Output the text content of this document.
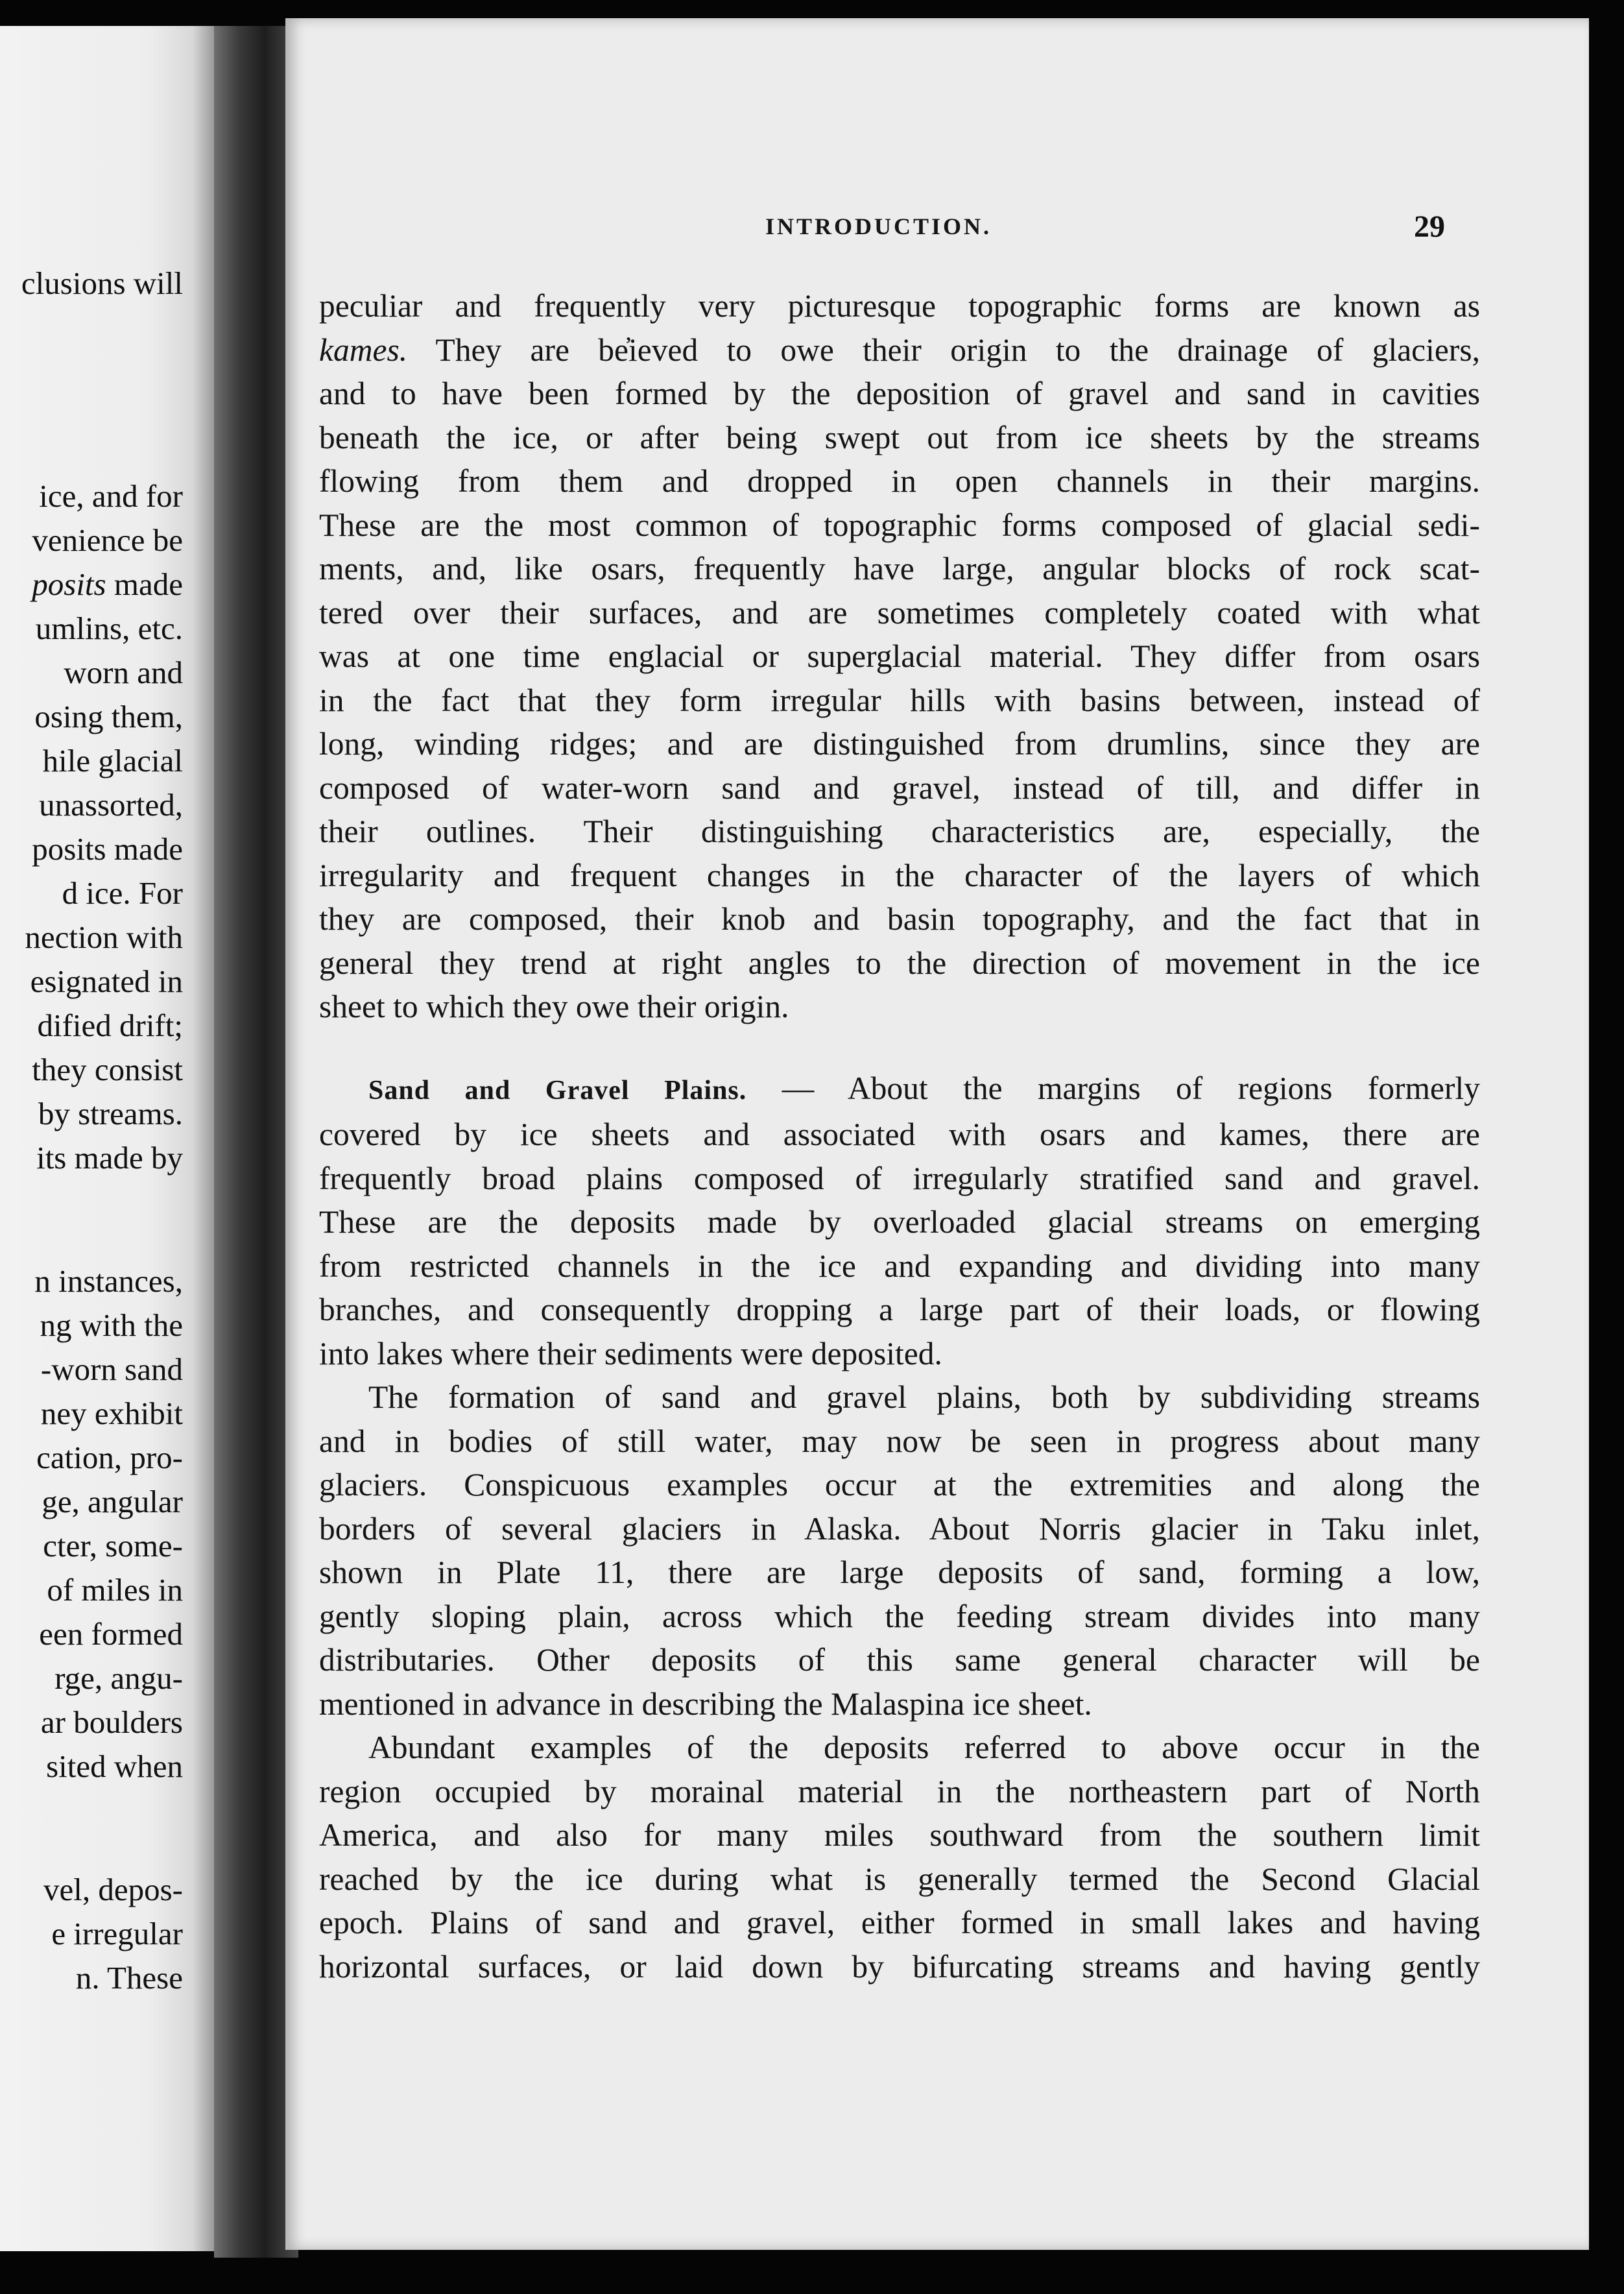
clusions will
ice, and for
venience be
posits made
umlins, etc.
worn and
osing them,
hile glacial
unassorted,
posits made
d ice. For
nection with
esignated in
dified drift;
they consist
by streams.
its made by
n instances,
ng with the
-worn sand
ney exhibit
cation, pro-
ge, angular
cter, some-
of miles in
een formed
rge, angu-
ar boulders
sited when
vel, depos-
e irregular
n. These
INTRODUCTION.	29

peculiar and frequently very picturesque topographic forms are known as
kames. They are be̓ieved to owe their origin to the drainage of glaciers,
and to have been formed by the deposition of gravel and sand in cavities
beneath the ice, or after being swept out from ice sheets by the streams
flowing from them and dropped in open channels in their margins.
These are the most common of topographic forms composed of glacial sedi-
ments, and, like osars, frequently have large, angular blocks of rock scat-
tered over their surfaces, and are sometimes completely coated with what
was at one time englacial or superglacial material. They differ from osars
in the fact that they form irregular hills with basins between, instead of
long, winding ridges; and are distinguished from drumlins, since they are
composed of water-worn sand and gravel, instead of till, and differ in
their outlines. Their distinguishing characteristics are, especially, the
irregularity and frequent changes in the character of the layers of which
they are composed, their knob and basin topography, and the fact that in
general they trend at right angles to the direction of movement in the ice
sheet to which they owe their origin.

Sand and Gravel Plains. — About the margins of regions formerly
covered by ice sheets and associated with osars and kames, there are
frequently broad plains composed of irregularly stratified sand and gravel.
These are the deposits made by overloaded glacial streams on emerging
from restricted channels in the ice and expanding and dividing into many
branches, and consequently dropping a large part of their loads, or flowing
into lakes where their sediments were deposited.

The formation of sand and gravel plains, both by subdividing streams
and in bodies of still water, may now be seen in progress about many
glaciers. Conspicuous examples occur at the extremities and along the
borders of several glaciers in Alaska. About Norris glacier in Taku inlet,
shown in Plate 11, there are large deposits of sand, forming a low,
gently sloping plain, across which the feeding stream divides into many
distributaries. Other deposits of this same general character will be
mentioned in advance in describing the Malaspina ice sheet.

Abundant examples of the deposits referred to above occur in the
region occupied by morainal material in the northeastern part of North
America, and also for many miles southward from the southern limit
reached by the ice during what is generally termed the Second Glacial
epoch. Plains of sand and gravel, either formed in small lakes and having
horizontal surfaces, or laid down by bifurcating streams and having gently
